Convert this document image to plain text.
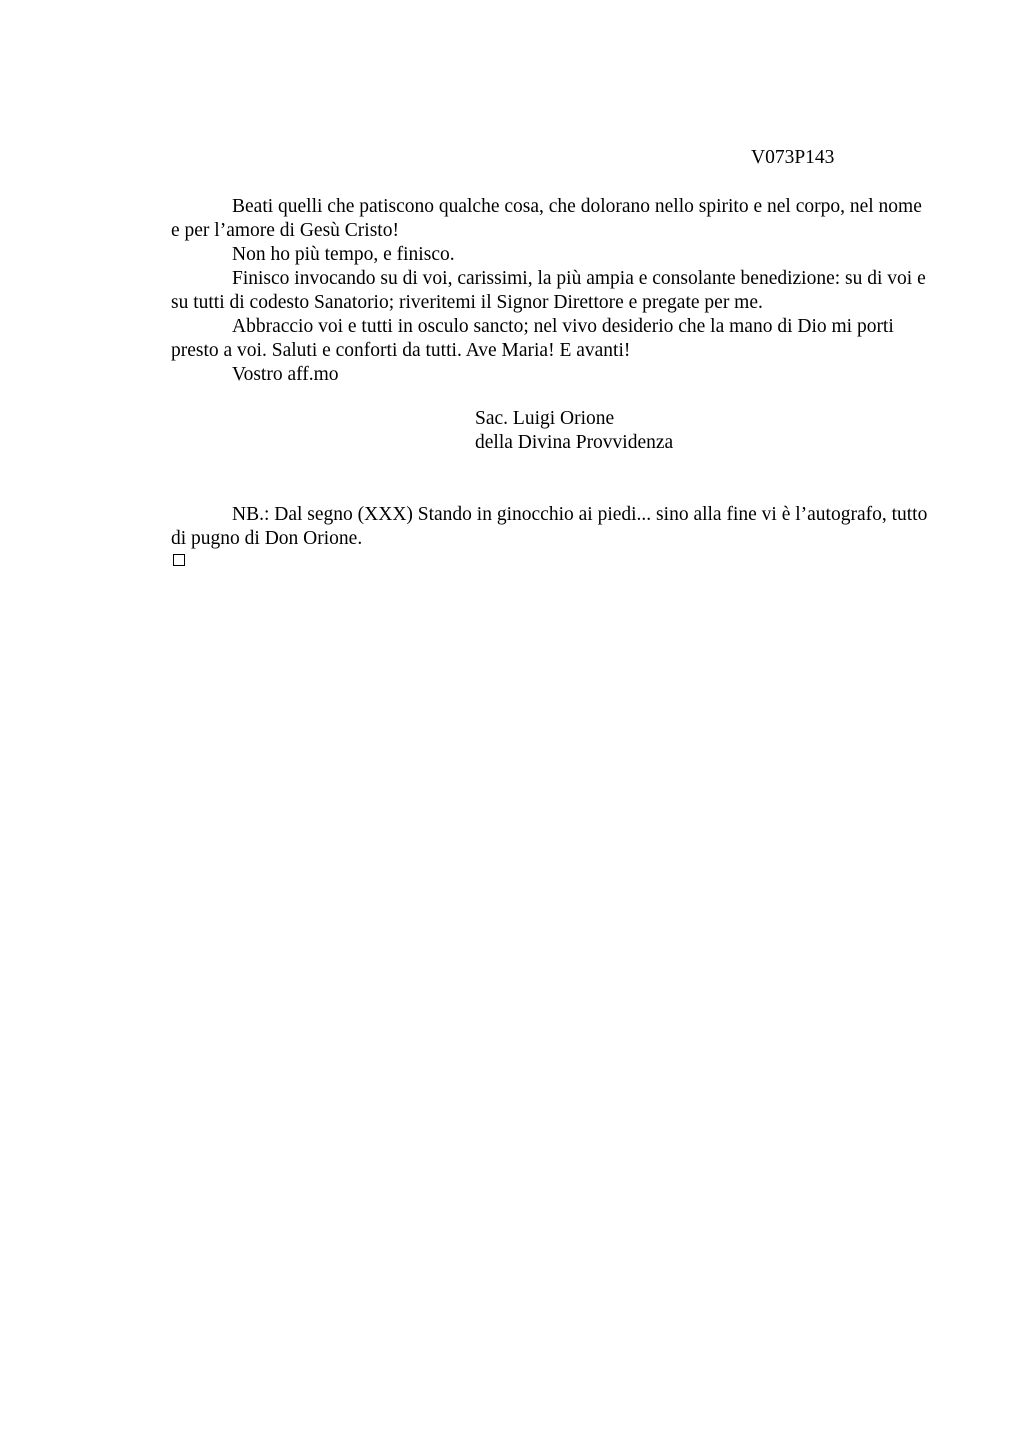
V073P143

Beati quelli che patiscono qualche cosa, che dolorano nello spirito e nel corpo, nel nome e per l’amore di Gesù Cristo!

Non ho più tempo, e finisco.

Finisco invocando su di voi, carissimi, la più ampia e consolante benedizione: su di voi e su tutti di codesto Sanatorio; riveritemi il Signor Direttore e pregate per me.

Abbraccio voi e tutti in osculo sancto; nel vivo desiderio che la mano di Dio mi porti presto a voi. Saluti e conforti da tutti. Ave Maria! E avanti!

Vostro aff.mo

Sac. Luigi Orione
della Divina Provvidenza

NB.: Dal segno (XXX) Stando in ginocchio ai piedi... sino alla fine vi è l’autografo, tutto di pugno di Don Orione.
